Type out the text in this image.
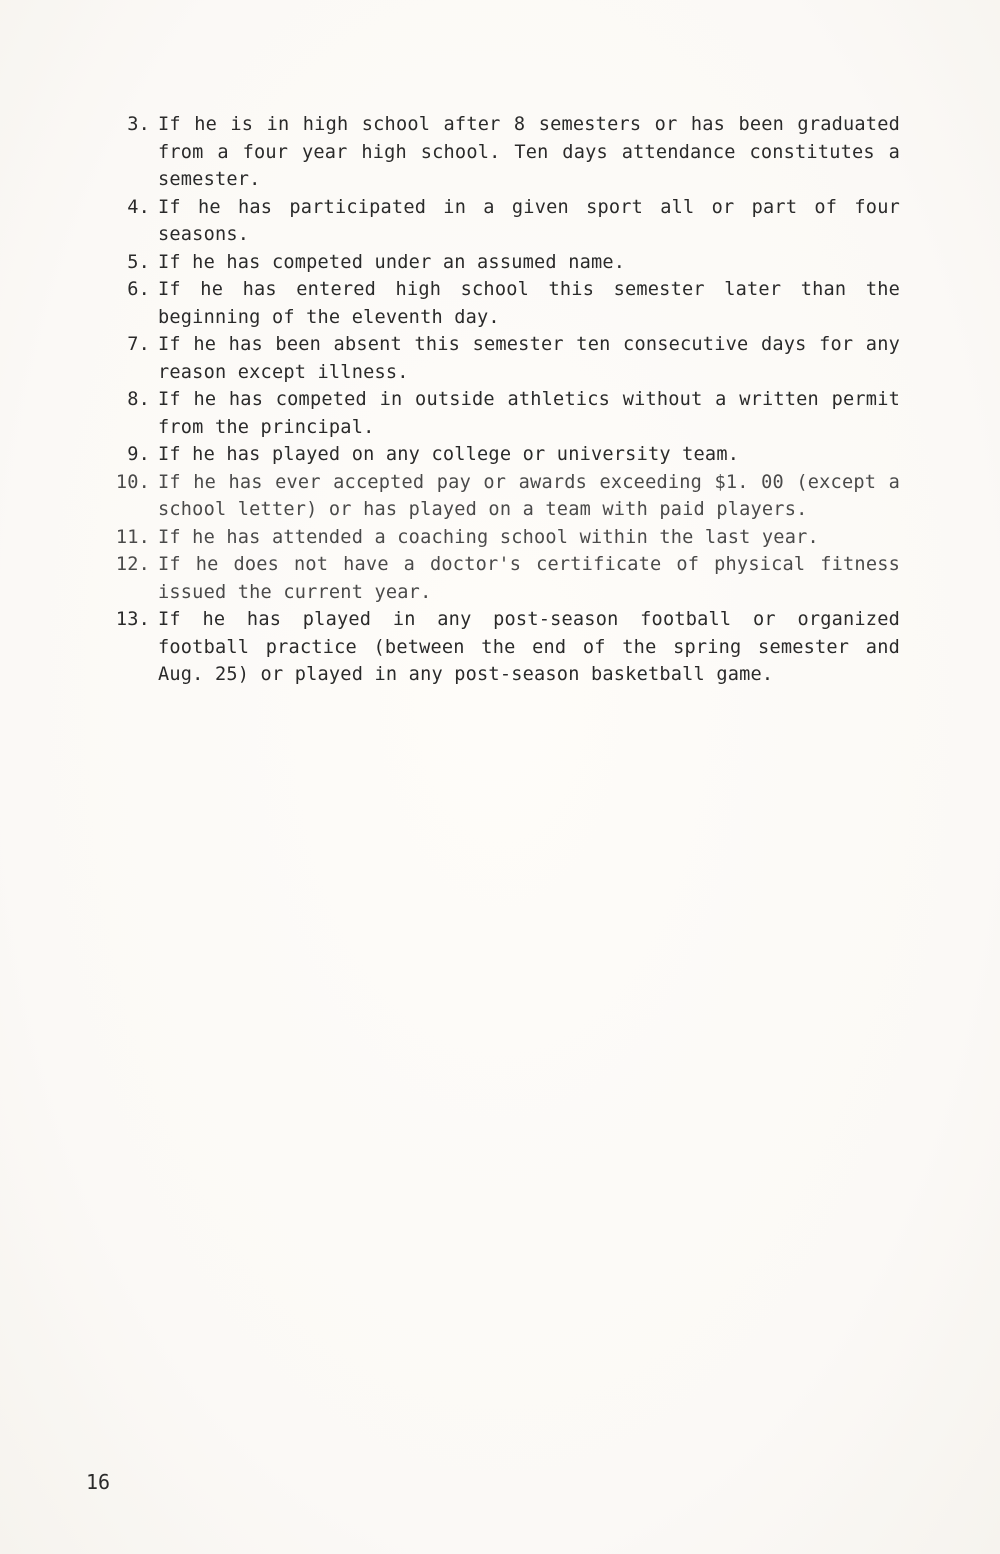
3. If he is in high school after 8 semesters or has been graduated from a four year high school. Ten days attendance constitutes a semester.
4. If he has participated in a given sport all or part of four seasons.
5. If he has competed under an assumed name.
6. If he has entered high school this semester later than the beginning of the eleventh day.
7. If he has been absent this semester ten consecutive days for any reason except illness.
8. If he has competed in outside athletics without a written permit from the principal.
9. If he has played on any college or university team.
10. If he has ever accepted pay or awards exceeding $1. 00 (except a school letter) or has played on a team with paid players.
11. If he has attended a coaching school within the last year.
12. If he does not have a doctor's certificate of physical fitness issued the current year.
13. If he has played in any post-season football or organized football practice (between the end of the spring semester and Aug. 25) or played in any post-season basketball game.
16
